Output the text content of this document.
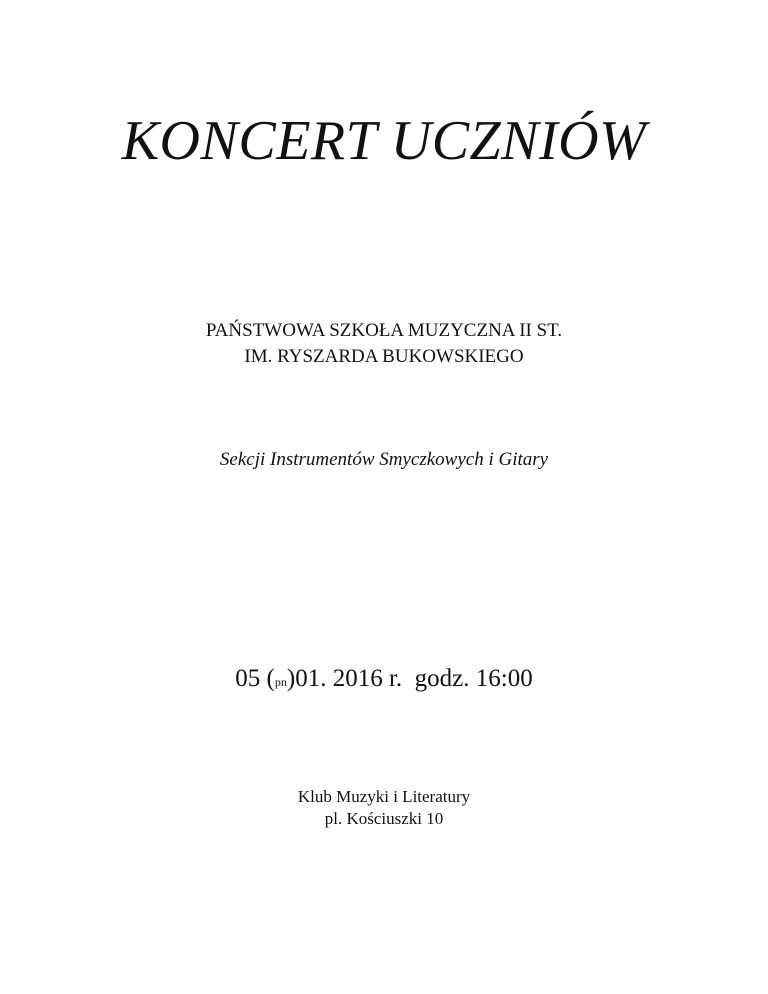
KONCERT UCZNIÓW
PAŃSTWOWA SZKOŁA MUZYCZNA II ST.
IM. RYSZARDA BUKOWSKIEGO
Sekcji Instrumentów Smyczkowych i Gitary
05 (pn)01. 2016 r.  godz. 16:00
Klub Muzyki i Literatury
pl. Kościuszki 10
